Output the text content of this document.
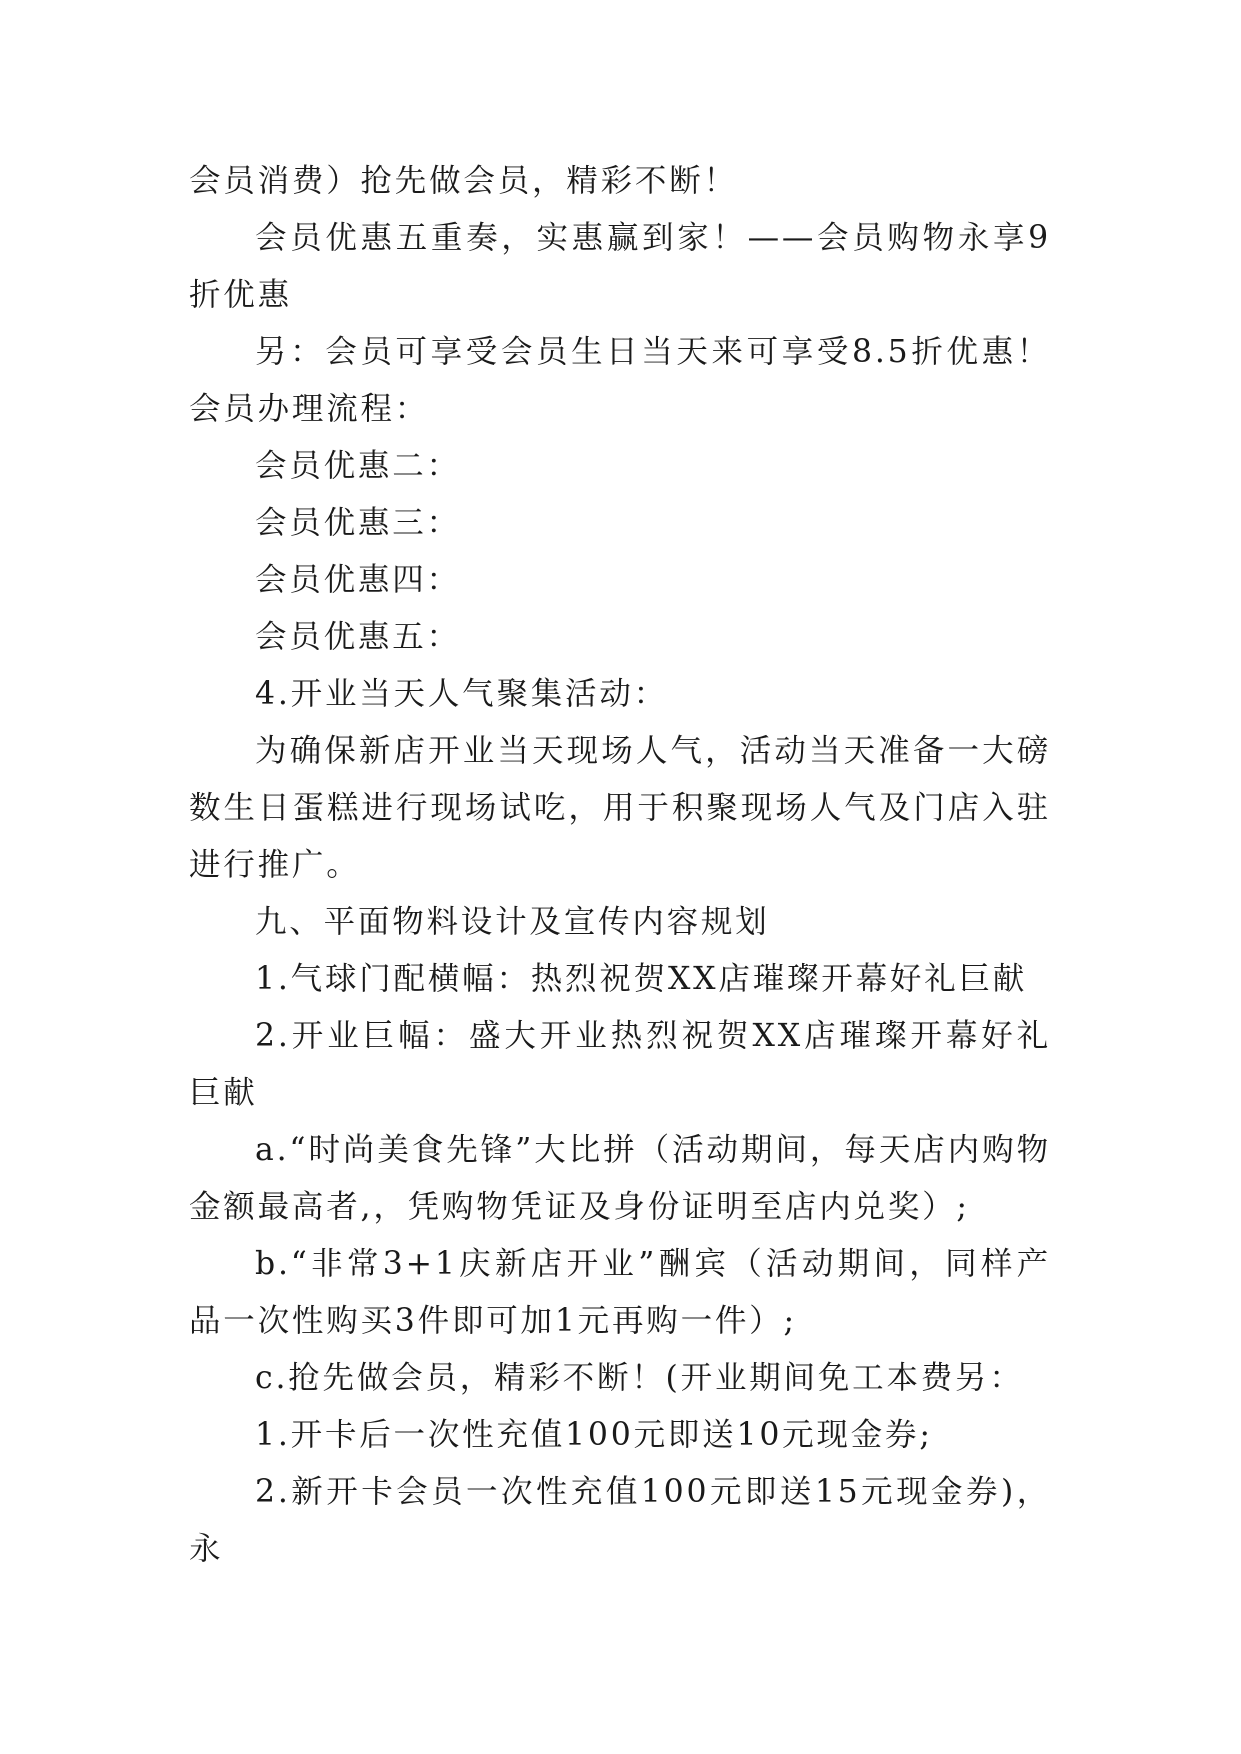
会员消费）抢先做会员，精彩不断！

会员优惠五重奏，实惠赢到家！——会员购物永享9折优惠

另：会员可享受会员生日当天来可享受8.5折优惠！会员办理流程：

会员优惠二：

会员优惠三：

会员优惠四：

会员优惠五：

4.开业当天人气聚集活动：

为确保新店开业当天现场人气，活动当天准备一大磅数生日蛋糕进行现场试吃，用于积聚现场人气及门店入驻进行推广。

九、平面物料设计及宣传内容规划

1.气球门配横幅：热烈祝贺XX店璀璨开幕好礼巨献

2.开业巨幅：盛大开业热烈祝贺XX店璀璨开幕好礼巨献

a.“时尚美食先锋”大比拼（活动期间，每天店内购物金额最高者,，凭购物凭证及身份证明至店内兑奖）;

b.“非常3+1庆新店开业”酬宾（活动期间，同样产品一次性购买3件即可加1元再购一件）;

c.抢先做会员，精彩不断！(开业期间免工本费另：

1.开卡后一次性充值100元即送10元现金券;

2.新开卡会员一次性充值100元即送15元现金券)，永
